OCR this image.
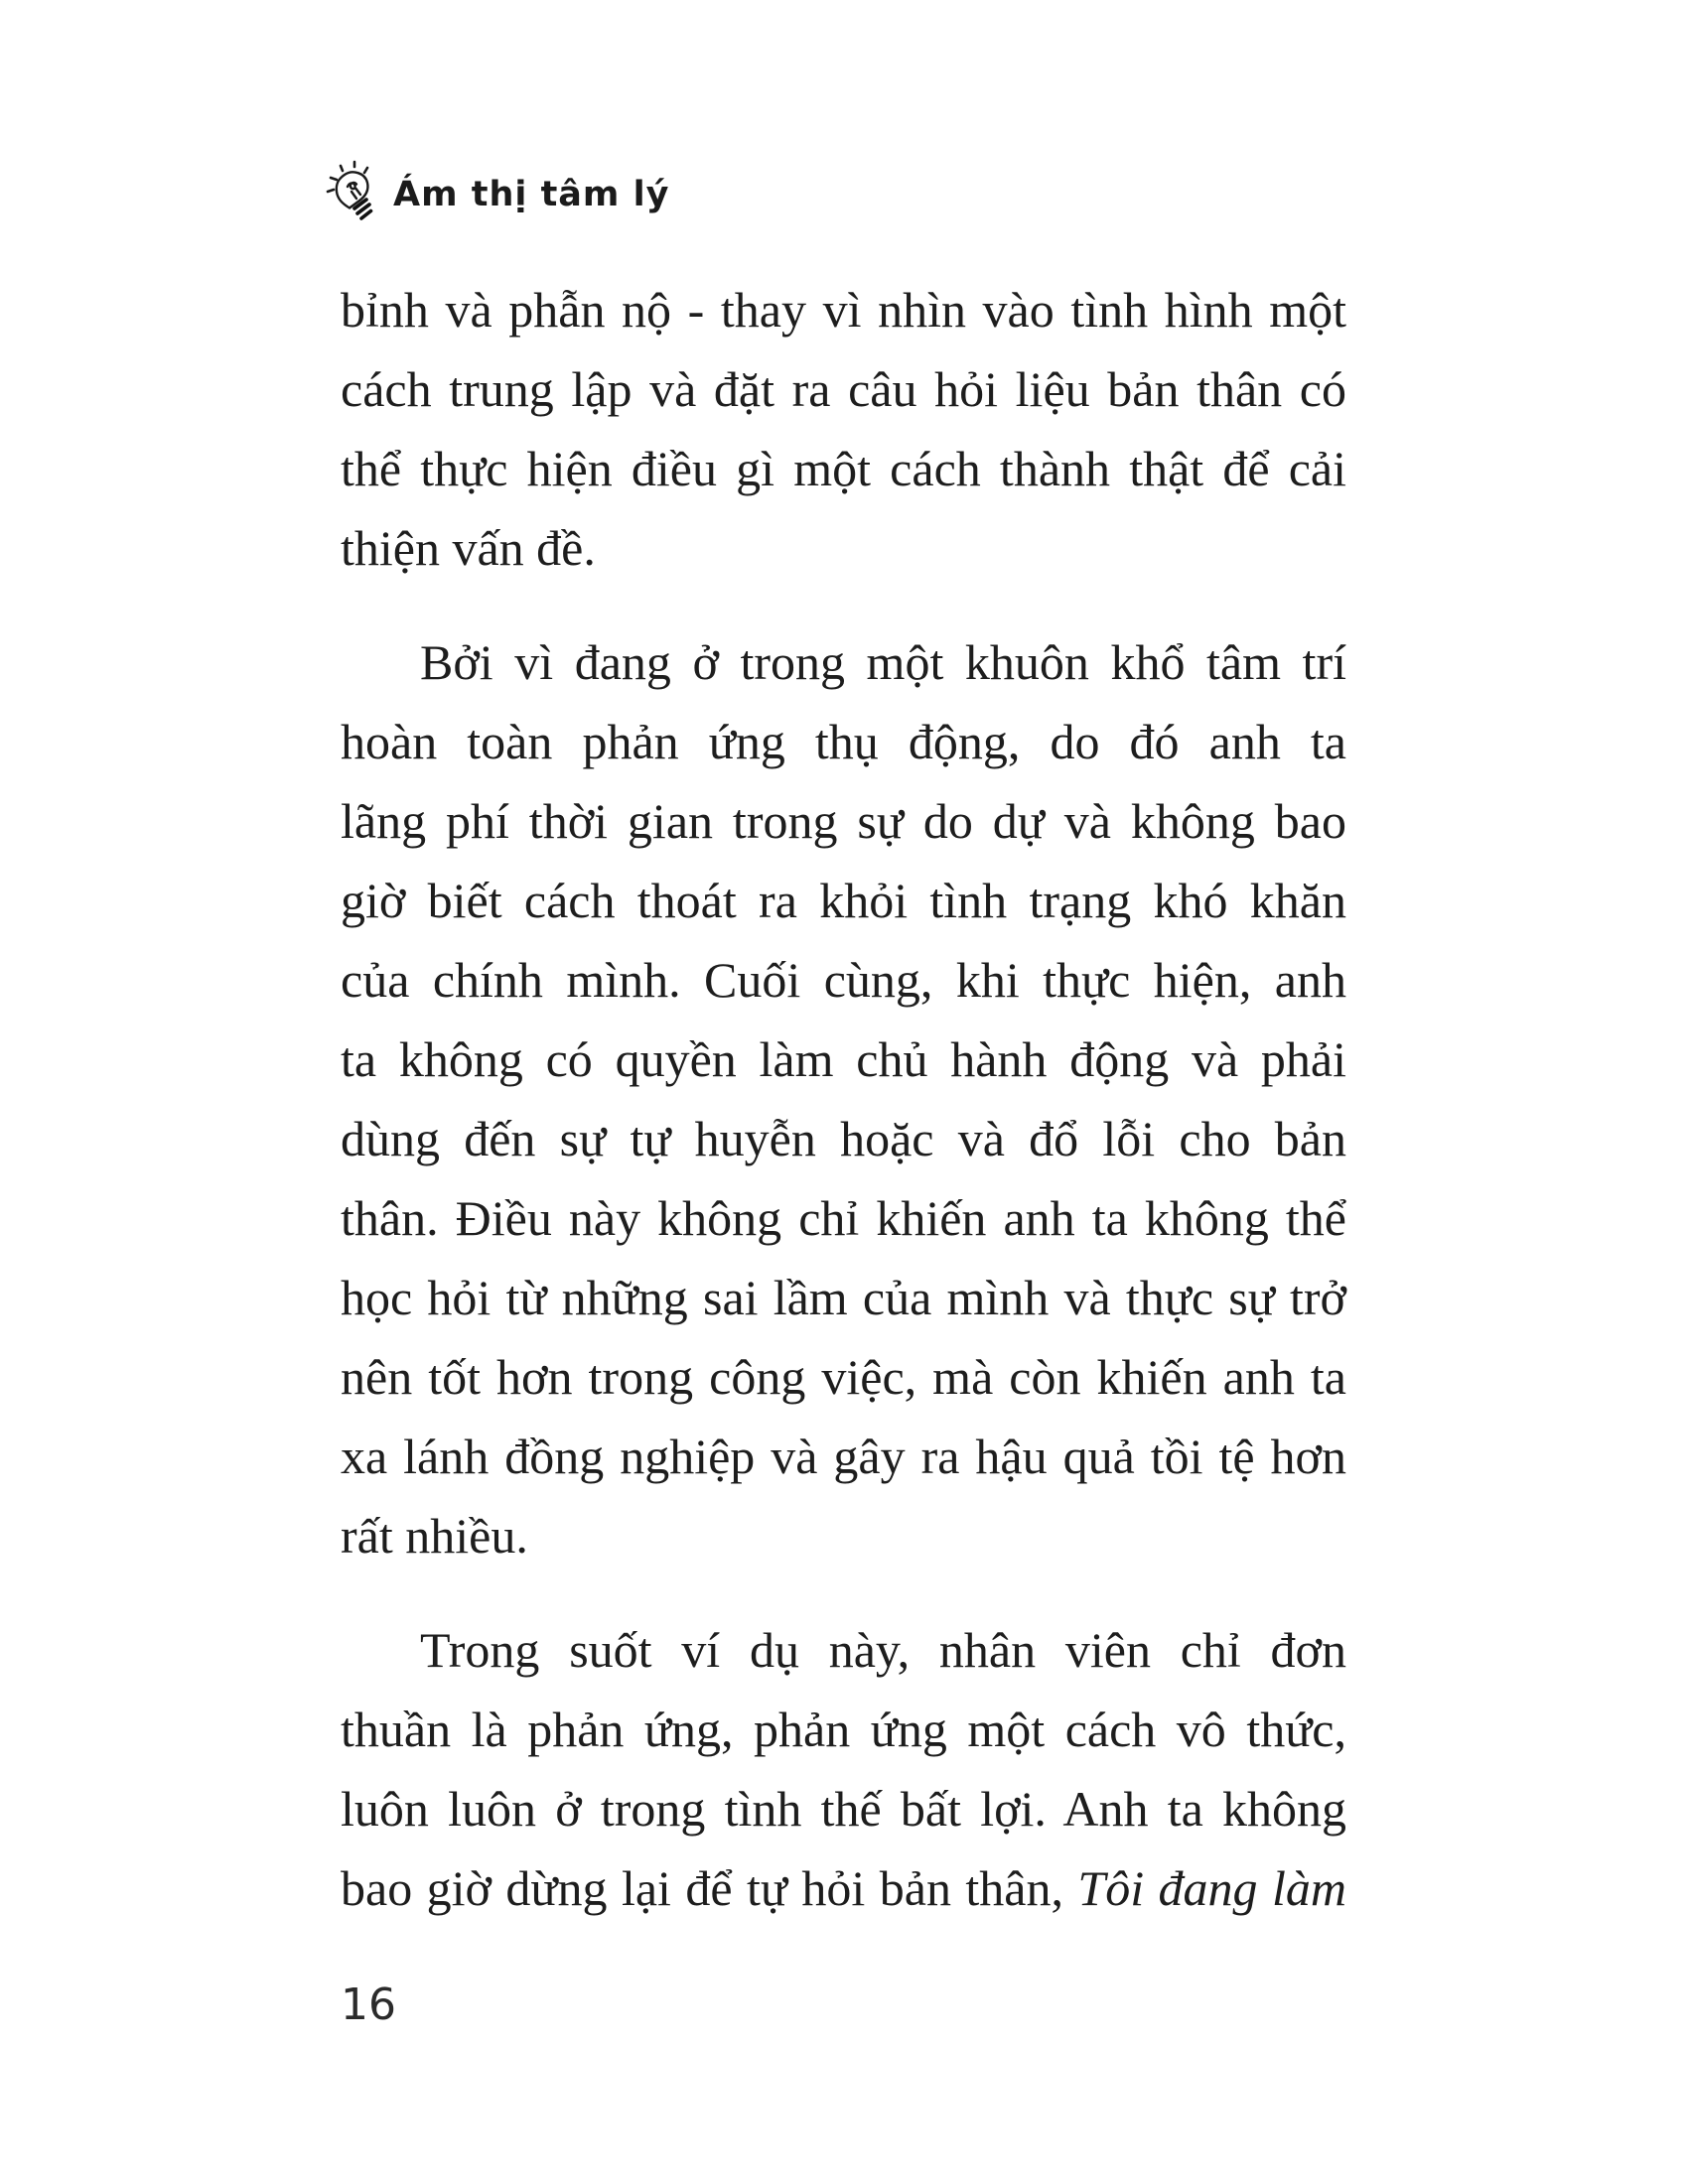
Ám thị tâm lý
bỉnh và phẫn nộ - thay vì nhìn vào tình hình một
cách trung lập và đặt ra câu hỏi liệu bản thân có
thể thực hiện điều gì một cách thành thật để cải
thiện vấn đề.
Bởi vì đang ở trong một khuôn khổ tâm trí
hoàn toàn phản ứng thụ động, do đó anh ta
lãng phí thời gian trong sự do dự và không bao
giờ biết cách thoát ra khỏi tình trạng khó khăn
của chính mình. Cuối cùng, khi thực hiện, anh
ta không có quyền làm chủ hành động và phải
dùng đến sự tự huyễn hoặc và đổ lỗi cho bản
thân. Điều này không chỉ khiến anh ta không thể
học hỏi từ những sai lầm của mình và thực sự trở
nên tốt hơn trong công việc, mà còn khiến anh ta
xa lánh đồng nghiệp và gây ra hậu quả tồi tệ hơn
rất nhiều.
Trong suốt ví dụ này, nhân viên chỉ đơn
thuần là phản ứng, phản ứng một cách vô thức,
luôn luôn ở trong tình thế bất lợi. Anh ta không
bao giờ dừng lại để tự hỏi bản thân, Tôi đang làm
16
